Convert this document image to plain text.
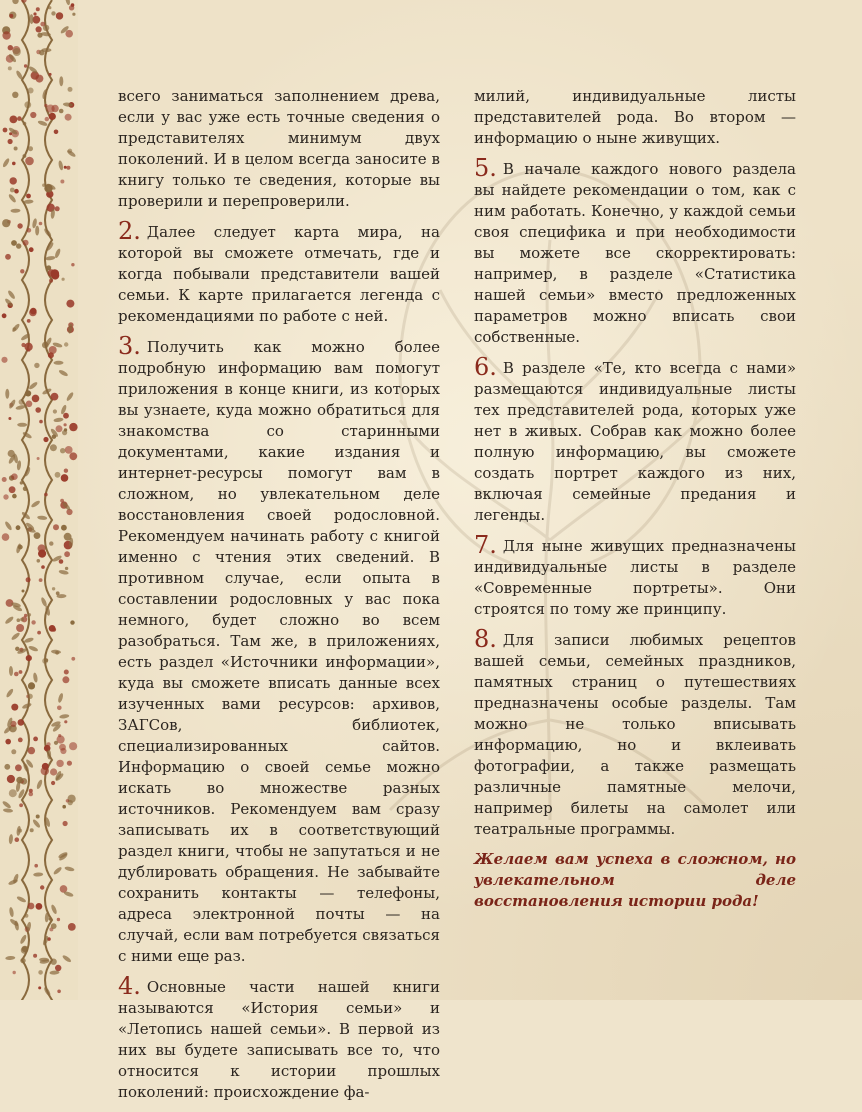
всего заниматься заполнением древа, если у вас уже есть точные сведения о представителях минимум двух поколений. И в целом всегда заносите в книгу только те сведения, которые вы проверили и перепроверили.

2. Далее следует карта мира, на которой вы сможете отмечать, где и когда побывали представители вашей семьи. К карте прилагается легенда с рекомендациями по работе с ней.

3. Получить как можно более подробную информацию вам помогут приложения в конце книги, из которых вы узнаете, куда можно обратиться для знакомства со старинными документами, какие издания и интернет-ресурсы помогут вам в сложном, но увлекательном деле восстановления своей родословной. Рекомендуем начинать работу с книгой именно с чтения этих сведений. В противном случае, если опыта в составлении родословных у вас пока немного, будет сложно во всем разобраться. Там же, в приложениях, есть раздел «Источники информации», куда вы сможете вписать данные всех изученных вами ресурсов: архивов, ЗАГСов, библиотек, специализированных сайтов. Информацию о своей семье можно искать во множестве разных источников. Рекомендуем вам сразу записывать их в соответствующий раздел книги, чтобы не запутаться и не дублировать обращения. Не забывайте сохранить контакты — телефоны, адреса электронной почты — на случай, если вам потребуется связаться с ними еще раз.

4. Основные части нашей книги называются «История семьи» и «Летопись нашей семьи». В первой из них вы будете записывать все то, что относится к истории прошлых поколений: происхождение фа-

милий, индивидуальные листы представителей рода. Во втором — информацию о ныне живущих.

5. В начале каждого нового раздела вы найдете рекомендации о том, как с ним работать. Конечно, у каждой семьи своя специфика и при необходимости вы можете все скорректировать: например, в разделе «Статистика нашей семьи» вместо предложенных параметров можно вписать свои собственные.

6. В разделе «Те, кто всегда с нами» размещаются индивидуальные листы тех представителей рода, которых уже нет в живых. Собрав как можно более полную информацию, вы сможете создать портрет каждого из них, включая семейные предания и легенды.

7. Для ныне живущих предназначены индивидуальные листы в разделе «Современные портреты». Они строятся по тому же принципу.

8. Для записи любимых рецептов вашей семьи, семейных праздников, памятных страниц о путешествиях предназначены особые разделы. Там можно не только вписывать информацию, но и вклеивать фотографии, а также размещать различные памятные мелочи, например билеты на самолет или театральные программы.

Желаем вам успеха в сложном, но увлекательном деле восстановления истории рода!
